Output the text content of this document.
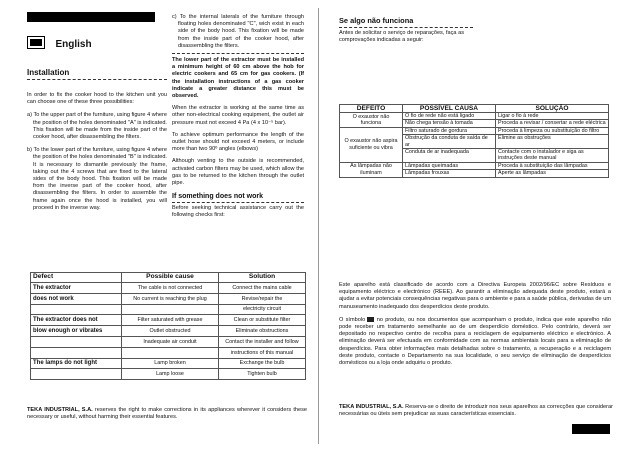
English
Installation

In order to fix the cooker hood to the kitchen unit you can choose one of these three possibilities:

a) To the upper part of the furniture, using figure 4 where the position of the holes denominated "A" is indicated. This fixation will be made from the inside part of the cooker hood, after disassembling the filters.

b) To the lower part of the furniture, using figure 4 where the position of the holes denominated "B" is indicated. It is necessary to dismantle previously the frame, taking out the 4 screws that are fixed to the lateral sides of the body hood. This fixation will be made from the inverse part of the cooker hood, after disassembling the filters. In order to assemble the frame again once the hood is installed, you will proceed in the inverse way.

c) To the internal laterals of the furniture through floating holes denominated "C", wich exist in each side of the body hood. This fixation will be made from the inside part of the cooker hood, after disassembling the filters.

The lower part of the extractor must be installed a minimum height of 60 cm above the hob for electric cookers and 65 cm for gas cookers. (If the installation instructions of a gas cooker indicate a greater distance this must be observed.

When the extractor is working at the same time as other non-electrical cooking equipment, the outlet air pressure must not exceed 4 Pa (4 x 10⁻⁵ bar).

To achieve optimum performance the length of the outlet hose should not exceed 4 meters, or include more than two 90º angles (elbows)

Although venting to the outside is recommended, activated carbon filters may be used, which allow the gas to be returned to the kitchen through the outlet pipe.

If something does not work

Before seeking technical assistance carry out the following checks first:

Defect	Possible cause	Solution
The extractor	The cable is not connected	Connect the mains cable
does not work	No current is reaching the plug	Revise/repair the
		electricity circuit
The extractor does not	Filter saturated with grease	Clean or substitute filter
blow enough or vibrates	Outlet obstructed	Eliminate obstructions
	Inadequate air conduit	Contact the installer and follow
		instructions of this manual
The lamps do not light	Lamp broken	Exchange the bulb
	Lamp loose	Tighten bulb

TEKA INDUSTRIAL, S.A. reserves the right to make corrections in its appliances wherever it considers these necessary or useful, without harming their essential features.

Se algo não funciona

Antes de solicitar o serviço de reparações, faça as comprovações indicadas a seguir:

DEFEITO	POSSÍVEL CAUSA	SOLUÇÃO
O exaustor não funciona	O fio de rede não está ligado	Ligar o fio à rede
	Não chega tensão à tomada	Proceda a revisar / consertar a rede eléctrica
O exaustor não aspira suficiente ou vibra	Filtro saturado de gordura	Proceda à limpeza ou substituição do filtro
	Obstrução da conduta de saída de ar	Elimine as obstruções
	Conduta de ar inadequada	Contacte com o instalador e siga as instruções deste manual
As lâmpadas não iluminam	Lâmpadas queimadas	Proceda à substituição das lâmpadas
	Lâmpadas frouxas	Aperte as lâmpadas

Este aparelho está classificado de acordo com a Directiva Europeia 2002/96/EC sobre Resíduos e equipamento eléctrico e electrónico (REEE). Ao garantir a eliminação adequada deste produto, estará a ajudar a evitar potenciais consequências negativas para o ambiente e para a saúde pública, derivadas de um manuseamento inadequado dos desperdícios deste produto.

O símbolo  no produto, ou nos documentos que acompanham o produto, indica que este aparelho não pode receber um tratamento semelhante ao de um desperdício doméstico. Pelo contrário, deverá ser depositado no respectivo centro de recolha para a reciclagem de equipamento eléctrico e electrónico. A eliminação deverá ser efectuada em conformidade com as normas ambientais locais para a eliminação de desperdícios. Para obter informações mais detalhadas sobre o tratamento, a recuperação e a reciclagem deste produto, contacte o Departamento na sua localidade, o seu serviço de eliminação de desperdícios domésticos ou a loja onde adquiriu o produto.

TEKA INDUSTRIAL, S.A. Reserva-se o direito de introduzir nos seus aparelhos as correcções que considerar necessárias ou úteis sem prejudicar as suas características essenciais.
